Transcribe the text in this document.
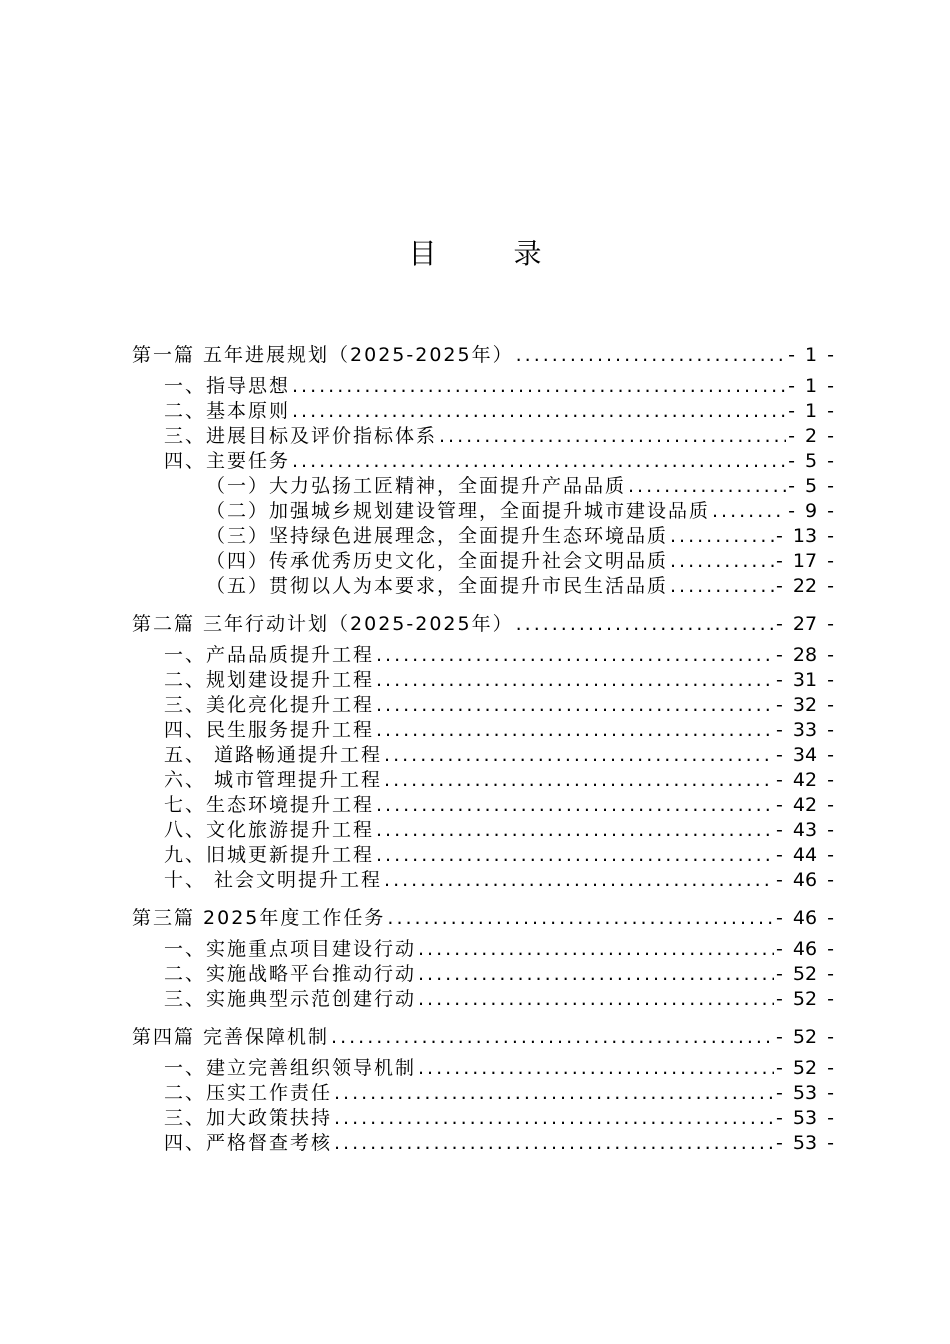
目 录
第一篇 五年进展规划（2025-2025年） .....	- 1 -
一、指导思想 .....	- 1 -
二、基本原则 .....	- 1 -
三、进展目标及评价指标体系 .....	- 2 -
四、主要任务 .....	- 5 -
（一）大力弘扬工匠精神，全面提升产品品质 .....	- 5 -
（二）加强城乡规划建设管理，全面提升城市建设品质 .....	- 9 -
（三）坚持绿色进展理念，全面提升生态环境品质 .....	- 13 -
（四）传承优秀历史文化，全面提升社会文明品质 .....	- 17 -
（五）贯彻以人为本要求，全面提升市民生活品质 .....	- 22 -
第二篇 三年行动计划（2025-2025年） .....	- 27 -
一、产品品质提升工程 .....	- 28 -
二、规划建设提升工程 .....	- 31 -
三、美化亮化提升工程 .....	- 32 -
四、民生服务提升工程 .....	- 33 -
五、 道路畅通提升工程 .....	- 34 -
六、 城市管理提升工程 .....	- 42 -
七、生态环境提升工程 .....	- 42 -
八、文化旅游提升工程 .....	- 43 -
九、旧城更新提升工程 .....	- 44 -
十、 社会文明提升工程 .....	- 46 -
第三篇 2025年度工作任务 .....	- 46 -
一、实施重点项目建设行动 .....	- 46 -
二、实施战略平台推动行动 .....	- 52 -
三、实施典型示范创建行动 .....	- 52 -
第四篇 完善保障机制 .....	- 52 -
一、建立完善组织领导机制 .....	- 52 -
二、压实工作责任 .....	- 53 -
三、加大政策扶持 .....	- 53 -
四、严格督查考核 .....	- 53 -
